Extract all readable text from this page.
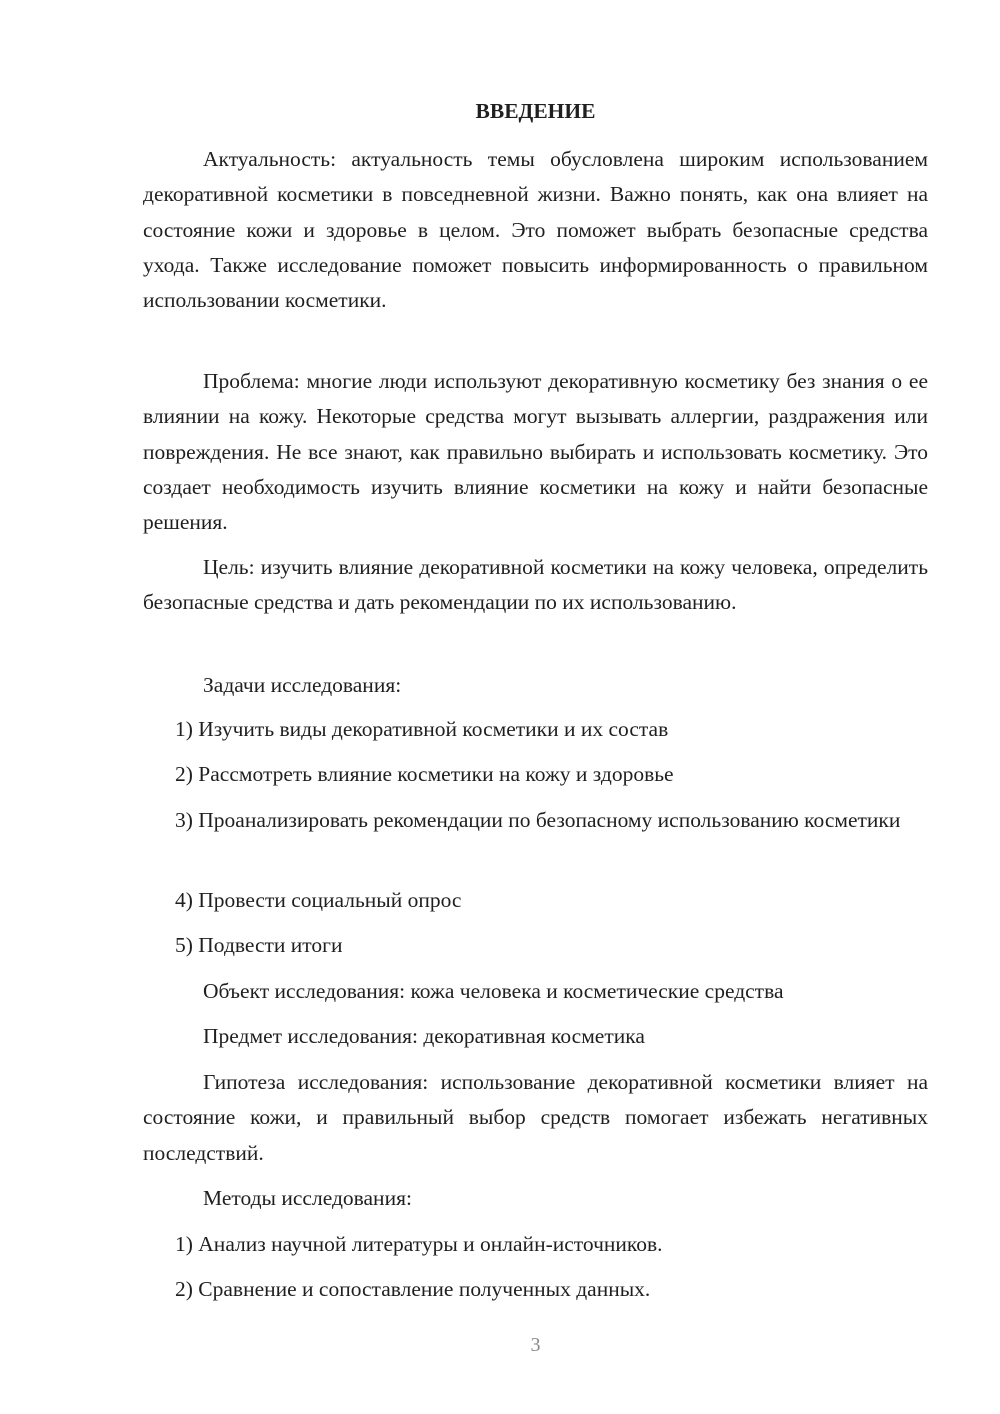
ВВЕДЕНИЕ

Актуальность: актуальность темы обусловлена широким использованием декоративной косметики в повседневной жизни. Важно понять, как она влияет на состояние кожи и здоровье в целом. Это поможет выбрать безопасные средства ухода. Также исследование поможет повысить информированность о правильном использовании косметики.

Проблема: многие люди используют декоративную косметику без знания о ее влиянии на кожу. Некоторые средства могут вызывать аллергии, раздражения или повреждения. Не все знают, как правильно выбирать и использовать косметику. Это создает необходимость изучить влияние косметики на кожу и найти безопасные решения.

Цель: изучить влияние декоративной косметики на кожу человека, определить безопасные средства и дать рекомендации по их использованию.

Задачи исследования:

1) Изучить виды декоративной косметики и их состав

2) Рассмотреть влияние косметики на кожу и здоровье

3) Проанализировать рекомендации по безопасному использованию косметики

4) Провести социальный опрос

5) Подвести итоги

Объект исследования: кожа человека и косметические средства

Предмет исследования: декоративная косметика

Гипотеза исследования: использование декоративной косметики влияет на состояние кожи, и правильный выбор средств помогает избежать негативных последствий.

Методы исследования:

1) Анализ научной литературы и онлайн-источников.

2) Сравнение и сопоставление полученных данных.

3
